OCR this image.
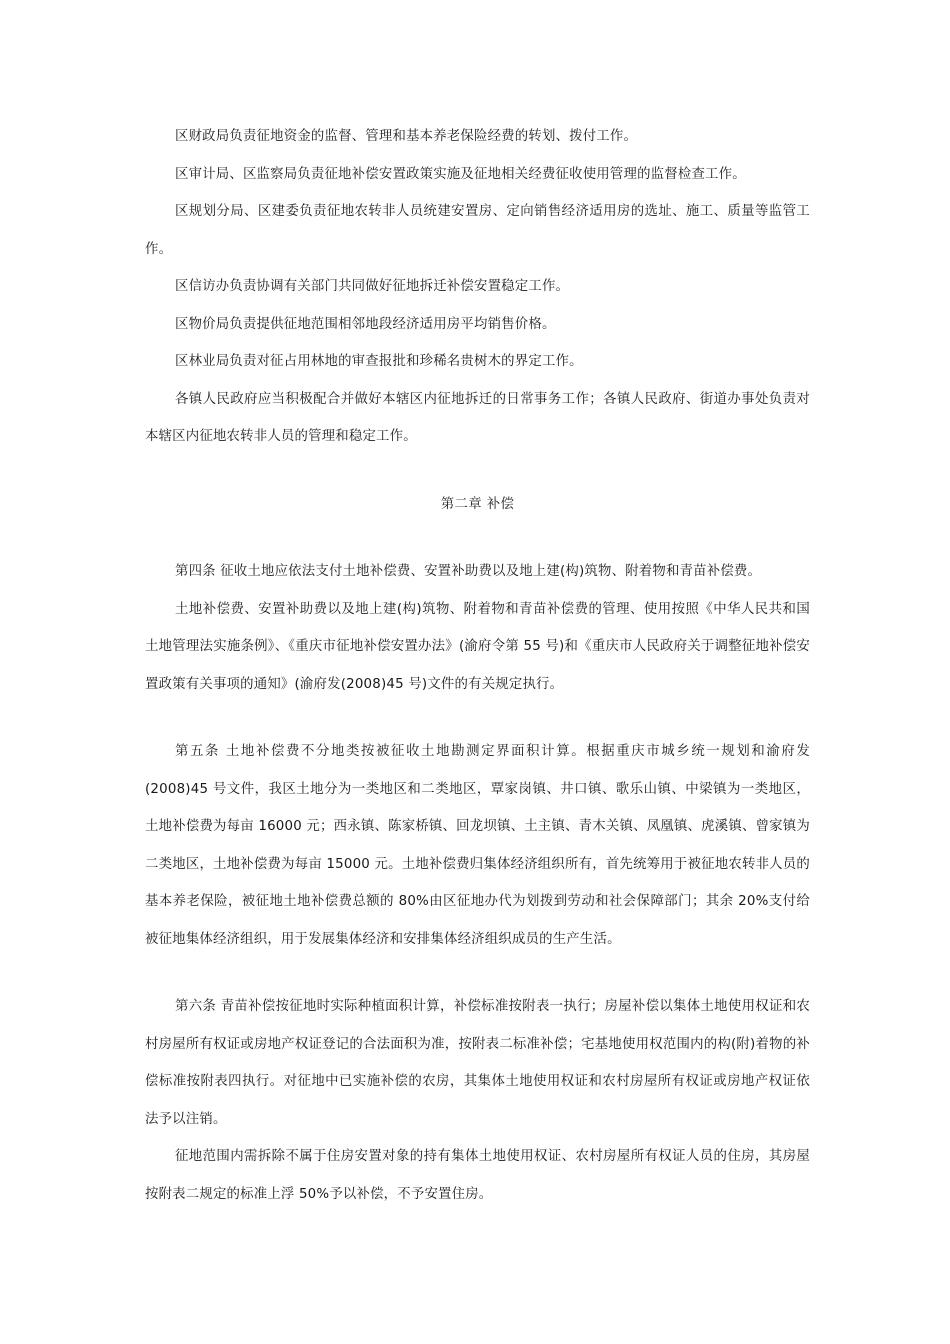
区财政局负责征地资金的监督、管理和基本养老保险经费的转划、拨付工作。

区审计局、区监察局负责征地补偿安置政策实施及征地相关经费征收使用管理的监督检查工作。

区规划分局、区建委负责征地农转非人员统建安置房、定向销售经济适用房的选址、施工、质量等监管工作。

区信访办负责协调有关部门共同做好征地拆迁补偿安置稳定工作。

区物价局负责提供征地范围相邻地段经济适用房平均销售价格。

区林业局负责对征占用林地的审查报批和珍稀名贵树木的界定工作。

各镇人民政府应当积极配合并做好本辖区内征地拆迁的日常事务工作；各镇人民政府、街道办事处负责对本辖区内征地农转非人员的管理和稳定工作。

第二章 补偿

第四条 征收土地应依法支付土地补偿费、安置补助费以及地上建(构)筑物、附着物和青苗补偿费。

土地补偿费、安置补助费以及地上建(构)筑物、附着物和青苗补偿费的管理、使用按照《中华人民共和国土地管理法实施条例》、《重庆市征地补偿安置办法》(渝府令第 55 号)和《重庆市人民政府关于调整征地补偿安置政策有关事项的通知》(渝府发(2008)45 号)文件的有关规定执行。

第五条 土地补偿费不分地类按被征收土地勘测定界面积计算。根据重庆市城乡统一规划和渝府发(2008)45 号文件，我区土地分为一类地区和二类地区，覃家岗镇、井口镇、歌乐山镇、中梁镇为一类地区，土地补偿费为每亩 16000 元；西永镇、陈家桥镇、回龙坝镇、土主镇、青木关镇、凤凰镇、虎溪镇、曾家镇为二类地区，土地补偿费为每亩 15000 元。土地补偿费归集体经济组织所有，首先统筹用于被征地农转非人员的基本养老保险，被征地土地补偿费总额的 80%由区征地办代为划拨到劳动和社会保障部门；其余 20%支付给被征地集体经济组织，用于发展集体经济和安排集体经济组织成员的生产生活。

第六条 青苗补偿按征地时实际种植面积计算，补偿标准按附表一执行；房屋补偿以集体土地使用权证和农村房屋所有权证或房地产权证登记的合法面积为准，按附表二标准补偿；宅基地使用权范围内的构(附)着物的补偿标准按附表四执行。对征地中已实施补偿的农房，其集体土地使用权证和农村房屋所有权证或房地产权证依法予以注销。

征地范围内需拆除不属于住房安置对象的持有集体土地使用权证、农村房屋所有权证人员的住房，其房屋按附表二规定的标准上浮 50%予以补偿，不予安置住房。
